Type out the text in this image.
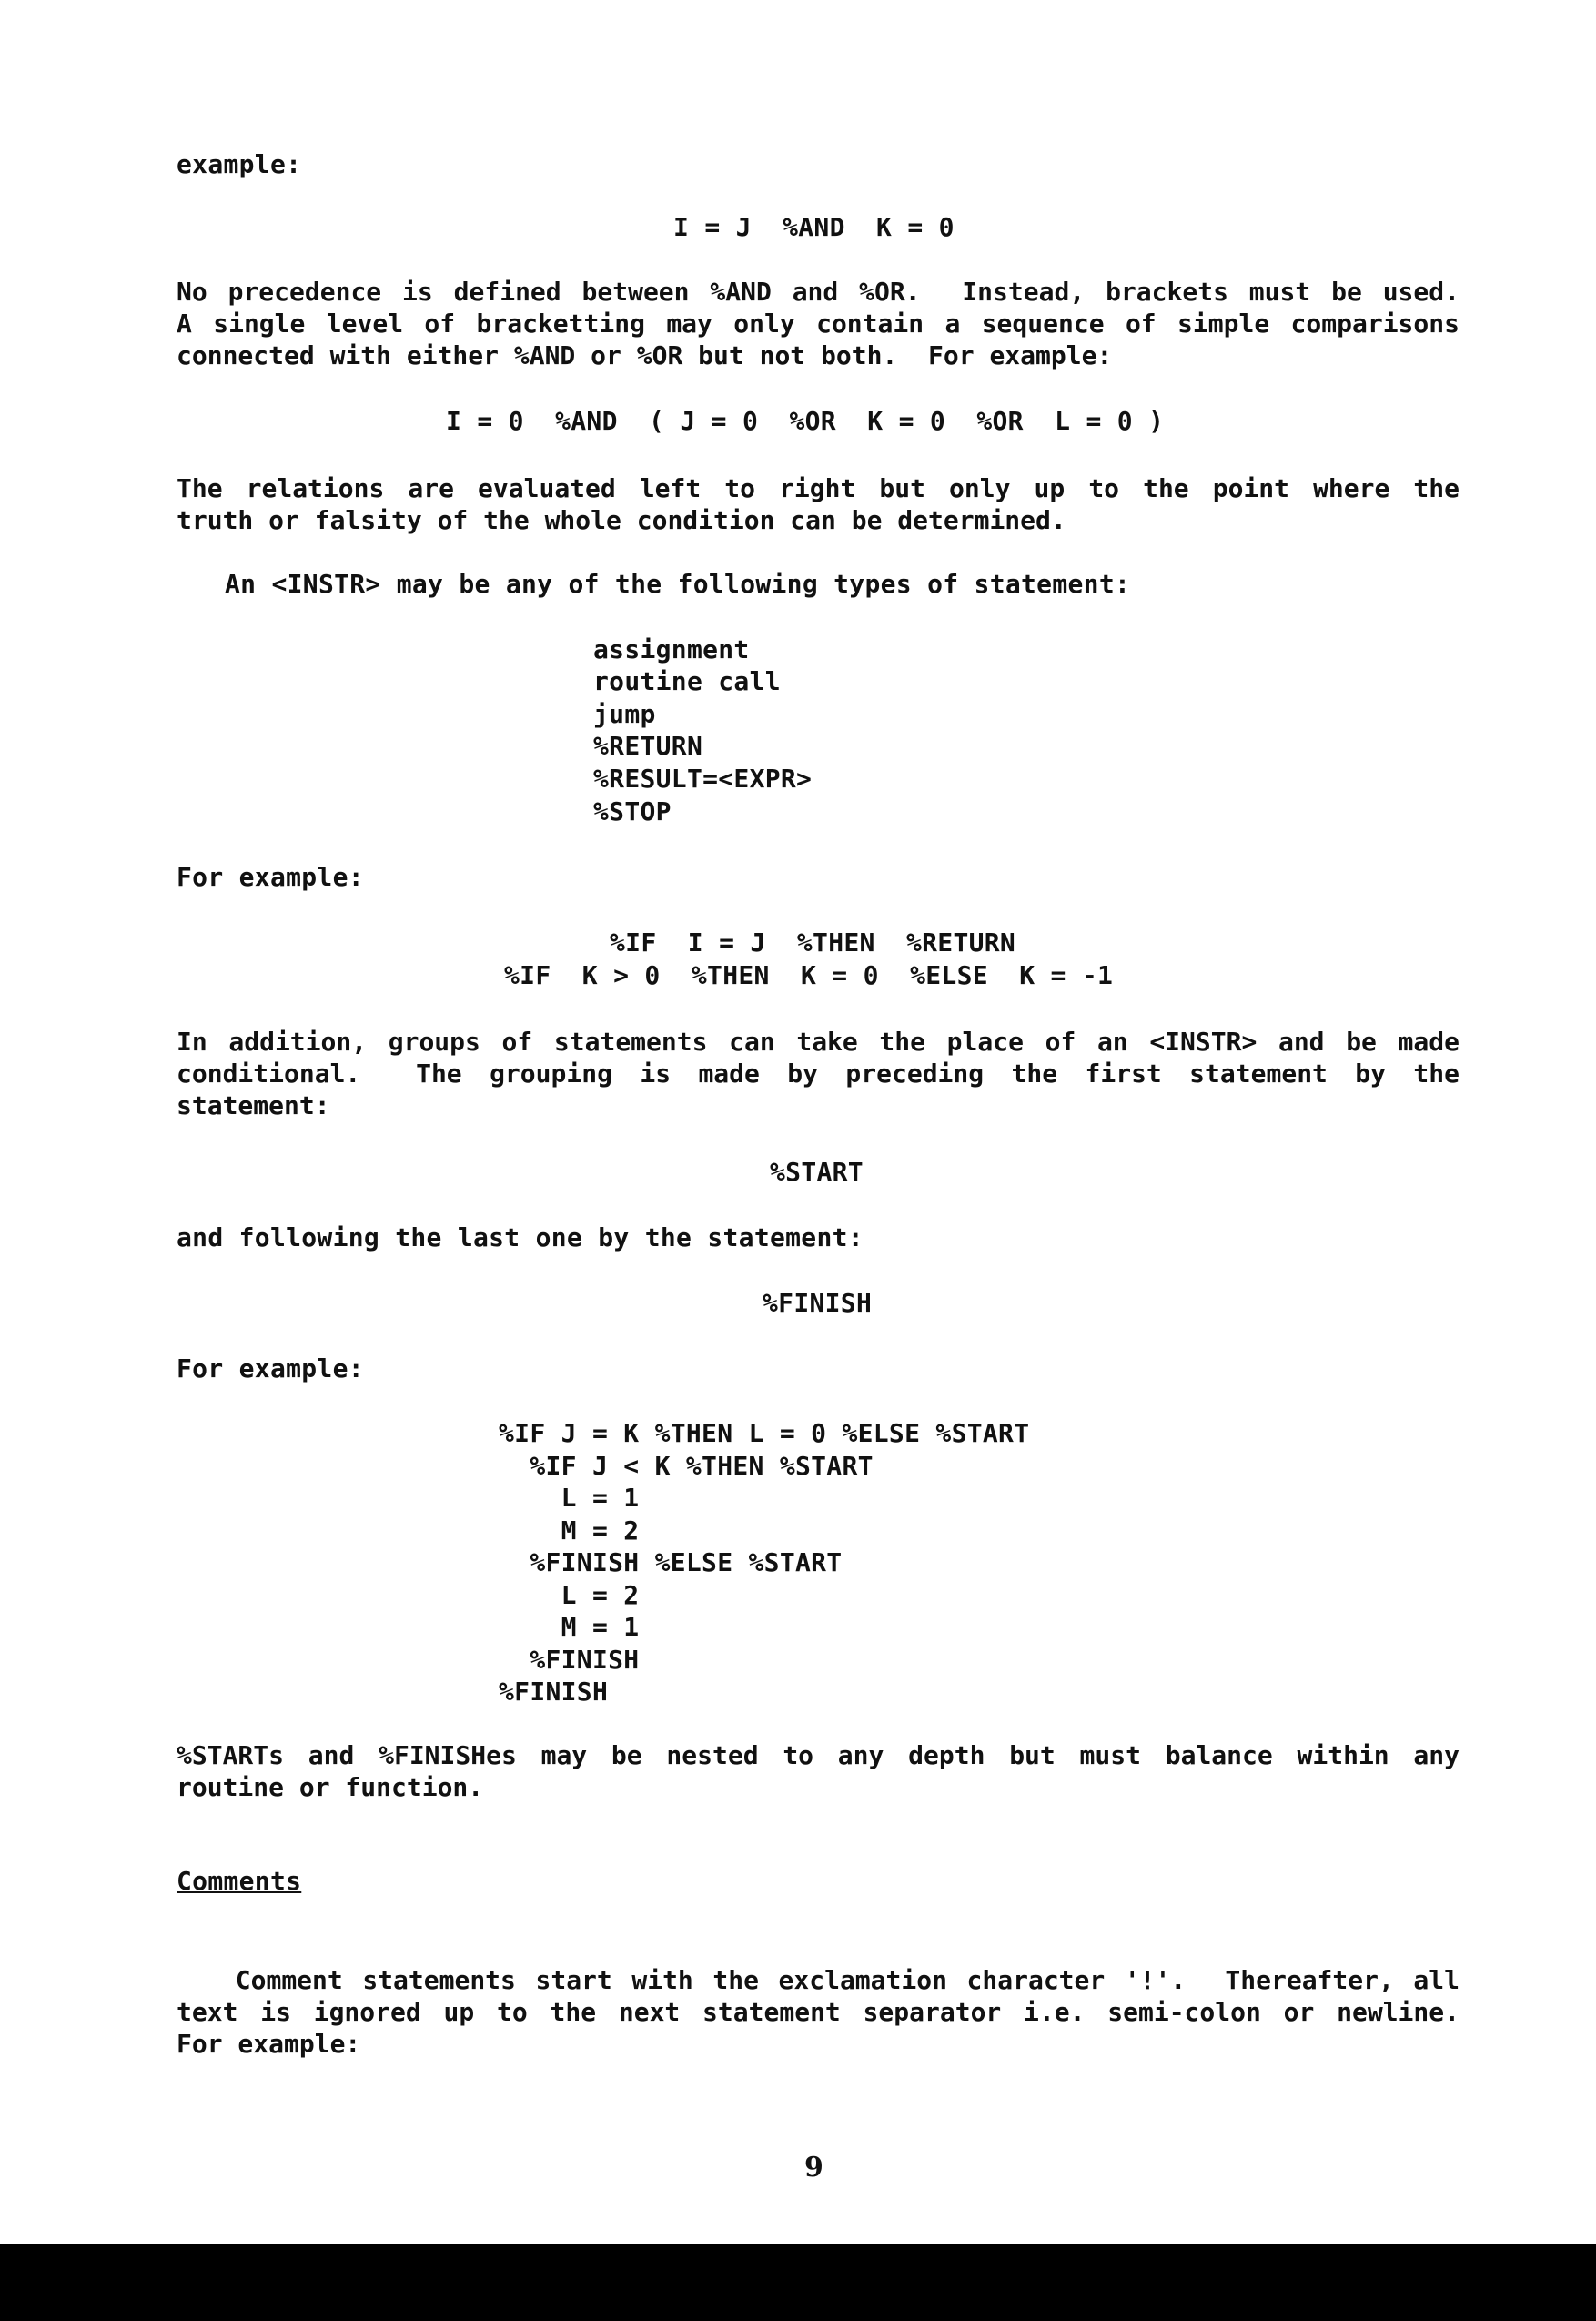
example:
I = J  %AND  K = 0
No precedence is defined between %AND and %OR.  Instead, brackets must be used.
A single level of bracketting may only contain a sequence of simple comparisons
connected with either %AND or %OR but not both.  For example:
I = 0  %AND  ( J = 0  %OR  K = 0  %OR  L = 0 )
The relations are evaluated left to right but only up to the point where the
truth or falsity of the whole condition can be determined.
An <INSTR> may be any of the following types of statement:
assignment
routine call
jump
%RETURN
%RESULT=<EXPR>
%STOP
For example:
%IF  I = J  %THEN  %RETURN
%IF  K > 0  %THEN  K = 0  %ELSE  K = -1
In addition, groups of statements can take the place of an <INSTR> and be made
conditional.  The grouping is made by preceding the first statement by the
statement:
%START
and following the last one by the statement:
%FINISH
For example:
%IF J = K %THEN L = 0 %ELSE %START
%IF J < K %THEN %START
L = 1
M = 2
%FINISH %ELSE %START
L = 2
M = 1
%FINISH
%FINISH
%STARTs and %FINISHes may be nested to any depth but must balance within any
routine or function.
Comments
Comment statements start with the exclamation character '!'.  Thereafter, all
text is ignored up to the next statement separator i.e. semi-colon or newline.
For example:
9
